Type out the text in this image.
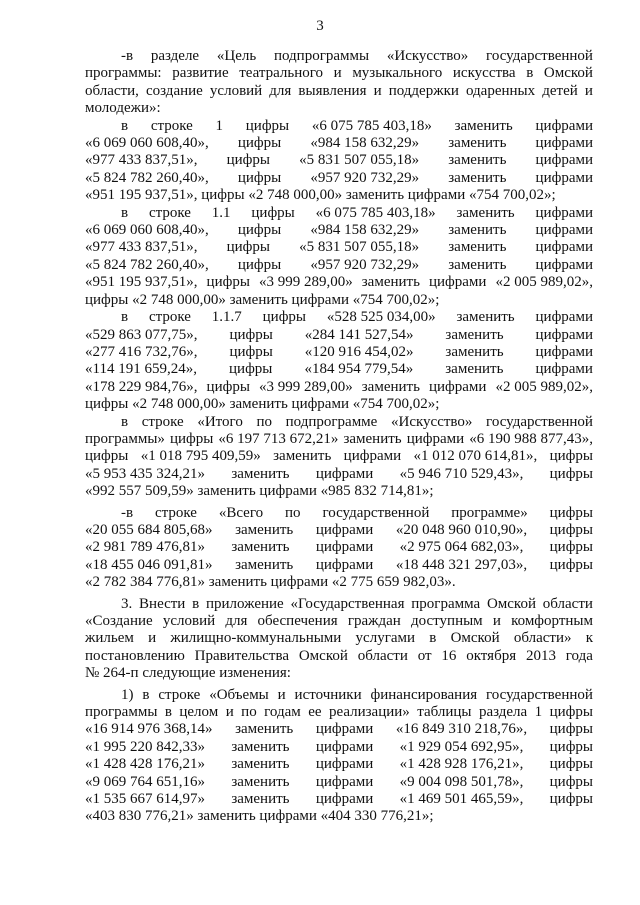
3
-в разделе «Цель подпрограммы «Искусство» государственной
программы: развитие театрального и музыкального искусства в Омской
области, создание условий для выявления и поддержки одаренных детей и
молодежи»:
в строке 1 цифры «6 075 785 403,18» заменить цифрами
«6 069 060 608,40», цифры «984 158 632,29» заменить цифрами
«977 433 837,51», цифры «5 831 507 055,18» заменить цифрами
«5 824 782 260,40», цифры «957 920 732,29» заменить цифрами
«951 195 937,51», цифры «2 748 000,00» заменить цифрами «754 700,02»;
в строке 1.1 цифры «6 075 785 403,18» заменить цифрами
«6 069 060 608,40», цифры «984 158 632,29» заменить цифрами
«977 433 837,51», цифры «5 831 507 055,18» заменить цифрами
«5 824 782 260,40», цифры «957 920 732,29» заменить цифрами
«951 195 937,51», цифры «3 999 289,00» заменить цифрами «2 005 989,02»,
цифры «2 748 000,00» заменить цифрами «754 700,02»;
в строке 1.1.7 цифры «528 525 034,00» заменить цифрами
«529 863 077,75», цифры «284 141 527,54» заменить цифрами
«277 416 732,76», цифры «120 916 454,02» заменить цифрами
«114 191 659,24», цифры «184 954 779,54» заменить цифрами
«178 229 984,76», цифры «3 999 289,00» заменить цифрами «2 005 989,02»,
цифры «2 748 000,00» заменить цифрами «754 700,02»;
в строке «Итого по подпрограмме «Искусство» государственной
программы» цифры «6 197 713 672,21» заменить цифрами «6 190 988 877,43»,
цифры «1 018 795 409,59» заменить цифрами «1 012 070 614,81», цифры
«5 953 435 324,21» заменить цифрами «5 946 710 529,43», цифры
«992 557 509,59» заменить цифрами «985 832 714,81»;
-в строке «Всего по государственной программе» цифры
«20 055 684 805,68» заменить цифрами «20 048 960 010,90», цифры
«2 981 789 476,81» заменить цифрами «2 975 064 682,03», цифры
«18 455 046 091,81» заменить цифрами «18 448 321 297,03», цифры
«2 782 384 776,81» заменить цифрами «2 775 659 982,03».
3. Внести в приложение «Государственная программа Омской области
«Создание условий для обеспечения граждан доступным и комфортным
жильем и жилищно-коммунальными услугами в Омской области» к
постановлению Правительства Омской области от 16 октября 2013 года
№ 264-п следующие изменения:
1) в строке «Объемы и источники финансирования государственной
программы в целом и по годам ее реализации» таблицы раздела 1 цифры
«16 914 976 368,14» заменить цифрами «16 849 310 218,76», цифры
«1 995 220 842,33» заменить цифрами «1 929 054 692,95», цифры
«1 428 428 176,21» заменить цифрами «1 428 928 176,21», цифры
«9 069 764 651,16» заменить цифрами «9 004 098 501,78», цифры
«1 535 667 614,97» заменить цифрами «1 469 501 465,59», цифры
«403 830 776,21» заменить цифрами «404 330 776,21»;
